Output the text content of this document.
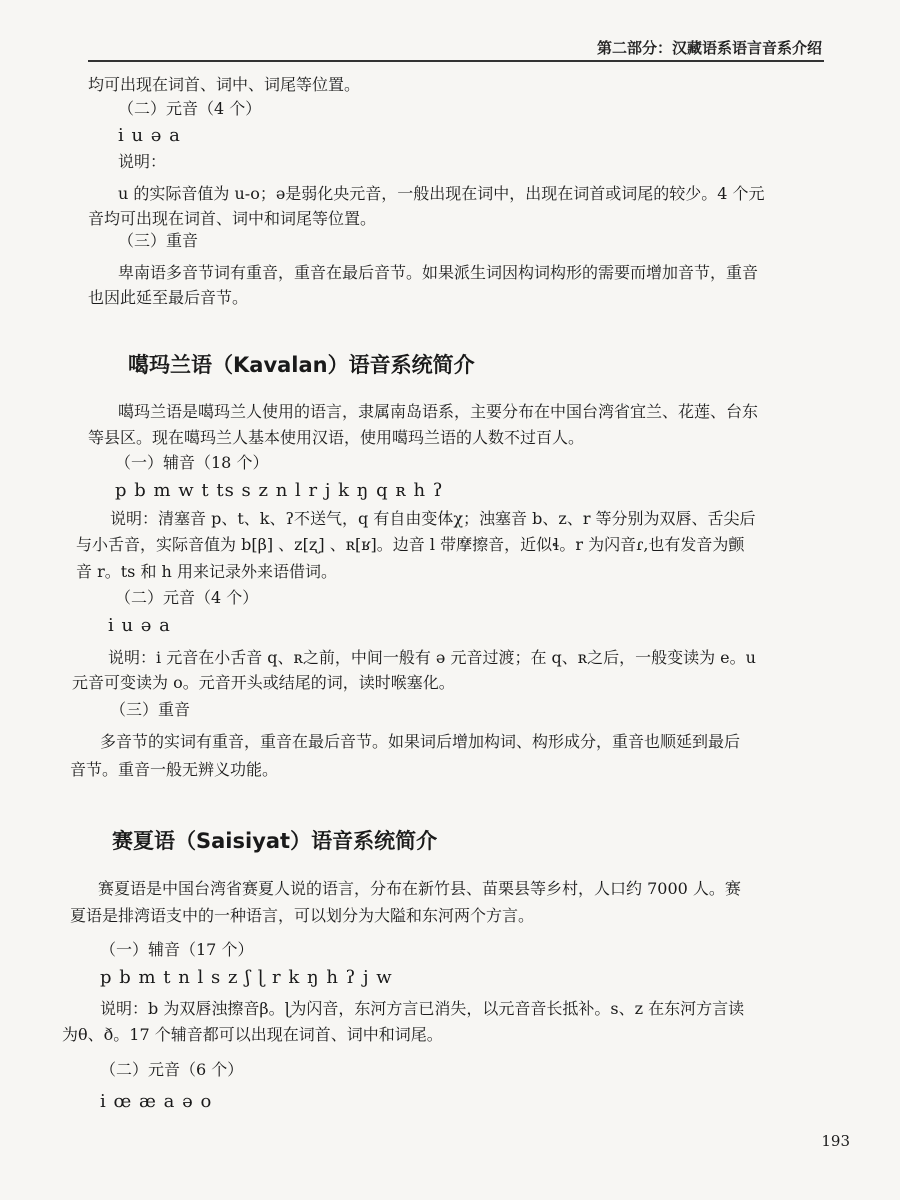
第二部分：汉藏语系语言音系介绍

均可出现在词首、词中、词尾等位置。

（二）元音（4 个）

i u ə a

说明：

u 的实际音值为 u-o；ə是弱化央元音，一般出现在词中，出现在词首或词尾的较少。4 个元

音均可出现在词首、词中和词尾等位置。

（三）重音

卑南语多音节词有重音，重音在最后音节。如果派生词因构词构形的需要而增加音节，重音

也因此延至最后音节。

噶玛兰语（Kavalan）语音系统简介

噶玛兰语是噶玛兰人使用的语言，隶属南岛语系，主要分布在中国台湾省宜兰、花莲、台东

等县区。现在噶玛兰人基本使用汉语，使用噶玛兰语的人数不过百人。

（一）辅音（18 个）

p b m w t ts s z n l r j k ŋ q ʀ h ʔ

说明：清塞音 p、t、k、ʔ不送气，q 有自由变体χ；浊塞音 b、z、r 等分别为双唇、舌尖后

与小舌音，实际音值为 b[β] 、z[ʐ] 、ʀ[ʁ]。边音 l 带摩擦音，近似ɬ。r 为闪音ɾ,也有发音为颤

音 r。ts 和 h 用来记录外来语借词。

（二）元音（4 个）

i u ə a

说明：i 元音在小舌音 q、ʀ之前，中间一般有 ə 元音过渡；在 q、ʀ之后，一般变读为 e。u

元音可变读为 o。元音开头或结尾的词，读时喉塞化。

（三）重音

多音节的实词有重音，重音在最后音节。如果词后增加构词、构形成分，重音也顺延到最后

音节。重音一般无辨义功能。

赛夏语（Saisiyat）语音系统简介

赛夏语是中国台湾省赛夏人说的语言，分布在新竹县、苗栗县等乡村，人口约 7000 人。赛

夏语是排湾语支中的一种语言，可以划分为大隘和东河两个方言。

（一）辅音（17 个）

p b m t n l s z ʃ ɭ r k ŋ h ʔ j w

说明：b 为双唇浊擦音β。ɭ为闪音，东河方言已消失，以元音音长抵补。s、z 在东河方言读

为θ、ð。17 个辅音都可以出现在词首、词中和词尾。

（二）元音（6 个）

i œ æ a ə o

193
